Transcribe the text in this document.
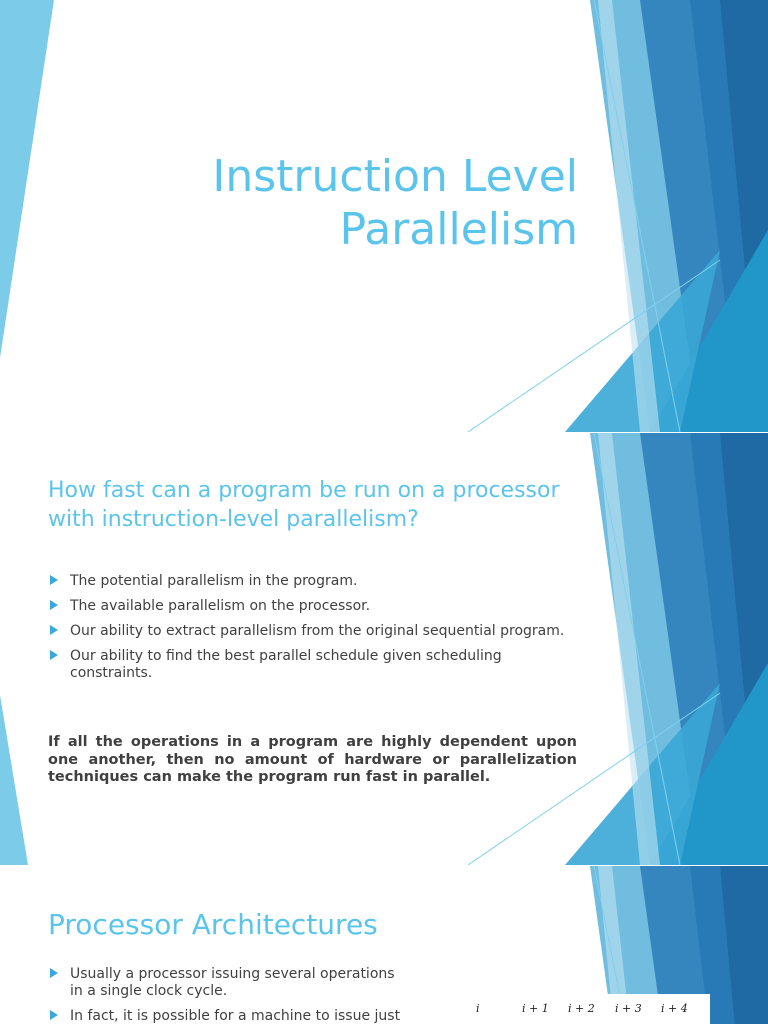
Instruction Level
Parallelism
How fast can a program be run on a processor with instruction-level parallelism?
The potential parallelism in the program.
The available parallelism on the processor.
Our ability to extract parallelism from the original sequential program.
Our ability to find the best parallel schedule given scheduling constraints.

If all the operations in a program are highly dependent upon one another, then no amount of hardware or parallelization techniques can make the program run fast in parallel.

Processor Architectures
Usually a processor issuing several operations in a single clock cycle.
In fact, it is possible for a machine to issue just	i	i + 1 i + 2 i + 3 i + 4
